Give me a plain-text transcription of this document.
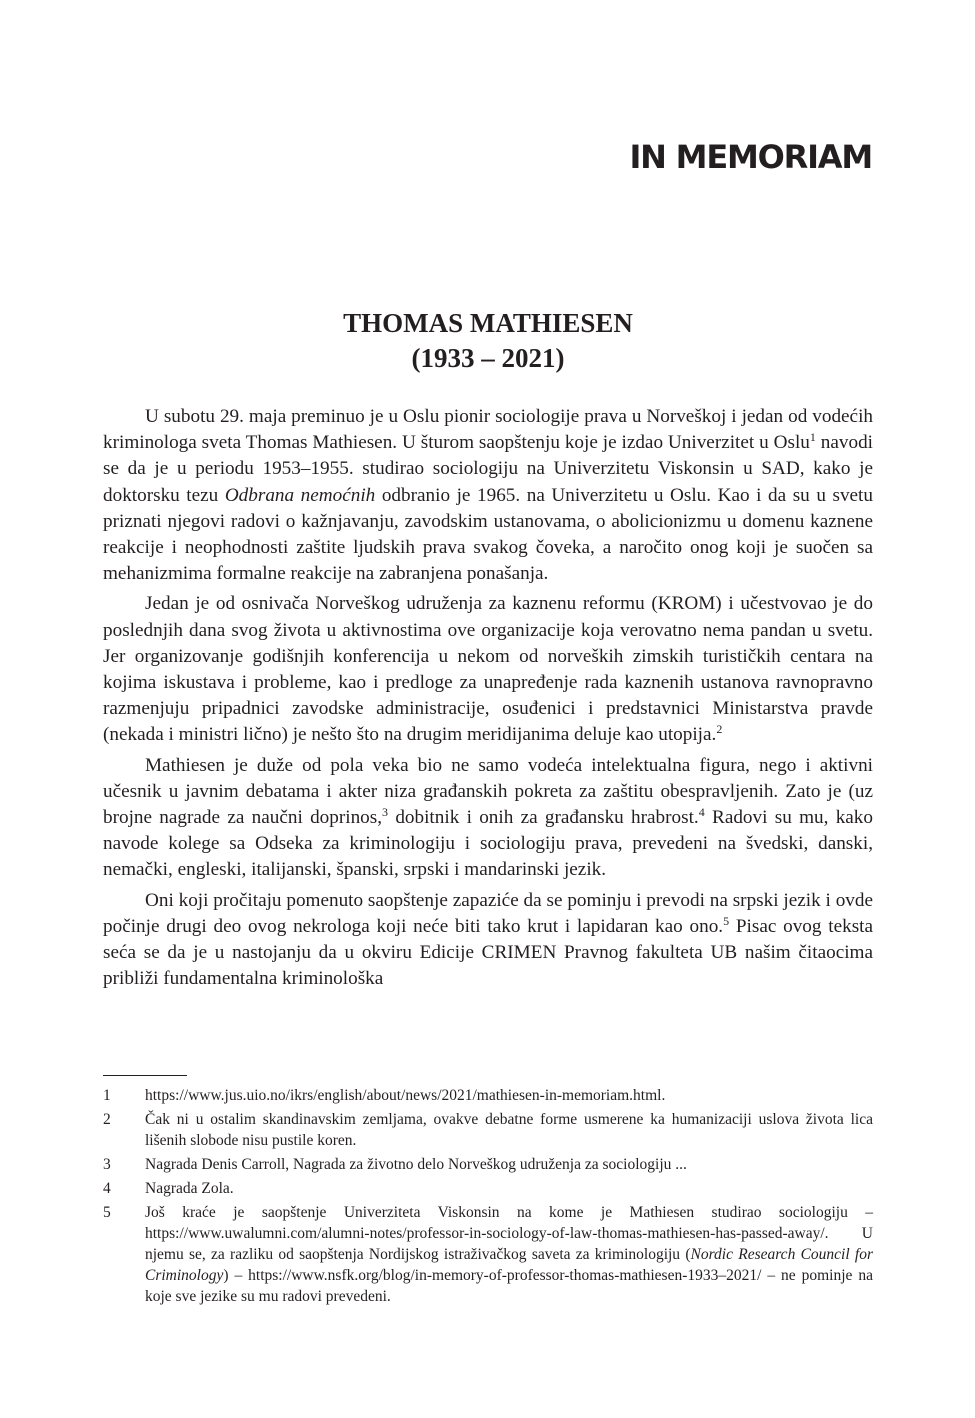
IN MEMORIAM
THOMAS MATHIESEN
(1933 – 2021)

U subotu 29. maja preminuo je u Oslu pionir sociologije prava u Norveškoj i jedan od vodećih kriminologa sveta Thomas Mathiesen. U šturom saopštenju koje je izdao Univerzitet u Oslu$^1$ navodi se da je u periodu 1953–1955. studirao sociologiju na Univerzitetu Viskonsin u SAD, kako je doktorsku tezu Odbrana nemoćnih odbranio je 1965. na Univerzitetu u Oslu. Kao i da su u svetu priznati njegovi radovi o kažnjavanju, zavodskim ustanovama, o abolicionizmu u domenu kaznene reakcije i neophodnosti zaštite ljudskih prava svakog čoveka, a naročito onog koji je suočen sa mehanizmima formalne reakcije na zabranjena ponašanja.

Jedan je od osnivača Norveškog udruženja za kaznenu reformu (KROM) i učestvovao je do poslednjih dana svog života u aktivnostima ove organizacije koja verovatno nema pandan u svetu. Jer organizovanje godišnjih konferencija u nekom od norveških zimskih turističkih centara na kojima iskustava i probleme, kao i predloge za unapređenje rada kaznenih ustanova ravnopravno razmenjuju pripadnici zavodske administracije, osuđenici i predstavnici Ministarstva pravde (nekada i ministri lično) je nešto što na drugim meridijanima deluje kao utopija.$^2$

Mathiesen je duže od pola veka bio ne samo vodeća intelektualna figura, nego i aktivni učesnik u javnim debatama i akter niza građanskih pokreta za zaštitu obespravljenih. Zato je (uz brojne nagrade za naučni doprinos,$^3$ dobitnik i onih za građansku hrabrost.$^4$ Radovi su mu, kako navode kolege sa Odseka za kriminologiju i sociologiju prava, prevedeni na švedski, danski, nemački, engleski, italijanski, španski, srpski i mandarinski jezik.

Oni koji pročitaju pomenuto saopštenje zapaziće da se pominju i prevodi na srpski jezik i ovde počinje drugi deo ovog nekrologa koji neće biti tako krut i lapidaran kao ono.$^5$ Pisac ovog teksta seća se da je u nastojanju da u okviru Edicije CRIMEN Pravnog fakulteta UB našim čitaocima približi fundamentalna kriminološka

1	https://www.jus.uio.no/ikrs/english/about/news/2021/mathiesen-in-memoriam.html.
2	Čak ni u ostalim skandinavskim zemljama, ovakve debatne forme usmerene ka humanizaciji uslova života lica lišenih slobode nisu pustile koren.
3	Nagrada Denis Carroll, Nagrada za životno delo Norveškog udruženja za sociologiju ...
4	Nagrada Zola.
5	Još kraće je saopštenje Univerziteta Viskonsin na kome je Mathiesen studirao sociologiju – https://www.uwalumni.com/alumni-notes/professor-in-sociology-of-law-thomas-mathiesen-has-passed-away/. U njemu se, za razliku od saopštenja Nordijskog istraživačkog saveta za kriminologiju (Nordic Research Council for Criminology) – https://www.nsfk.org/blog/in-memory-of-professor-thomas-mathiesen-1933–2021/ – ne pominje na koje sve jezike su mu radovi prevedeni.
